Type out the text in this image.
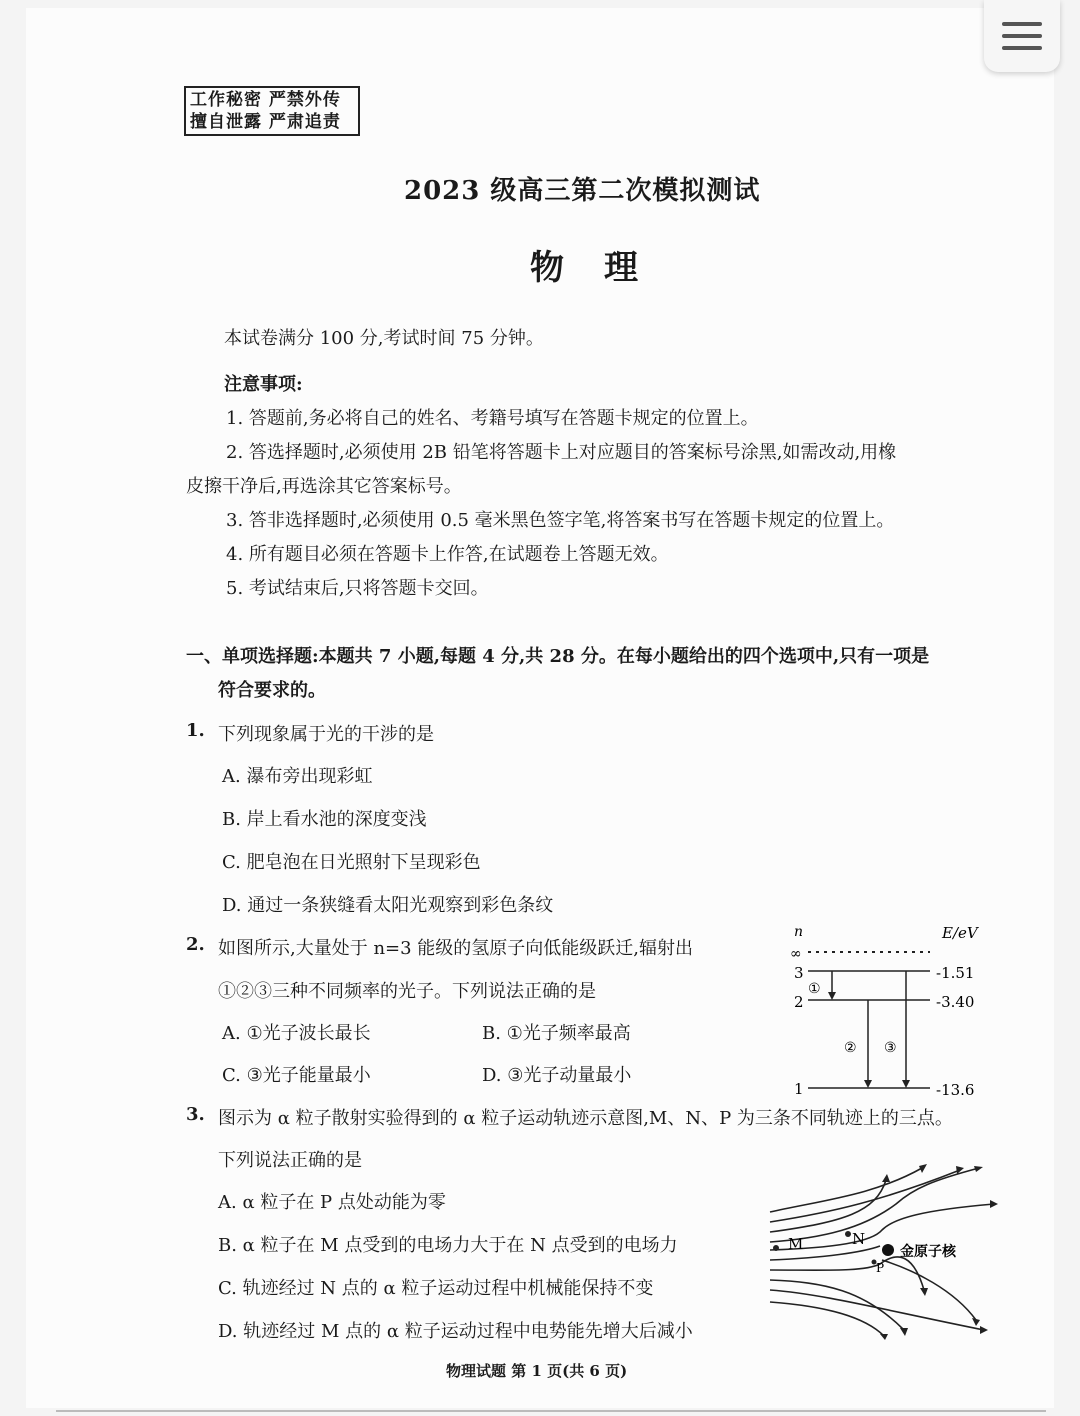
工作秘密 严禁外传
擅自泄露 严肃追责
2023 级高三第二次模拟测试
物理
本试卷满分 100 分,考试时间 75 分钟。
注意事项:
1. 答题前,务必将自己的姓名、考籍号填写在答题卡规定的位置上。
2. 答选择题时,必须使用 2B 铅笔将答题卡上对应题目的答案标号涂黑,如需改动,用橡
皮擦干净后,再选涂其它答案标号。
3. 答非选择题时,必须使用 0.5 毫米黑色签字笔,将答案书写在答题卡规定的位置上。
4. 所有题目必须在答题卡上作答,在试题卷上答题无效。
5. 考试结束后,只将答题卡交回。
一、单项选择题:本题共 7 小题,每题 4 分,共 28 分。在每小题给出的四个选项中,只有一项是
符合要求的。
1. 下列现象属于光的干涉的是
A. 瀑布旁出现彩虹
B. 岸上看水池的深度变浅
C. 肥皂泡在日光照射下呈现彩色
D. 通过一条狭缝看太阳光观察到彩色条纹
2. 如图所示,大量处于 n=3 能级的氢原子向低能级跃迁,辐射出
①②③三种不同频率的光子。下列说法正确的是
A. ①光子波长最长	B. ①光子频率最高
C. ③光子能量最小	D. ③光子动量最小
n	E/eV
∞
3	-1.51
2	-3.40
1	-13.6
①
② ③
3. 图示为 α 粒子散射实验得到的 α 粒子运动轨迹示意图,M、N、P 为三条不同轨迹上的三点。
下列说法正确的是
A. α 粒子在 P 点处动能为零
B. α 粒子在 M 点受到的电场力大于在 N 点受到的电场力
C. 轨迹经过 N 点的 α 粒子运动过程中机械能保持不变
D. 轨迹经过 M 点的 α 粒子运动过程中电势能先增大后减小
M	N
金原子核
P
物理试题 第 1 页(共 6 页)
